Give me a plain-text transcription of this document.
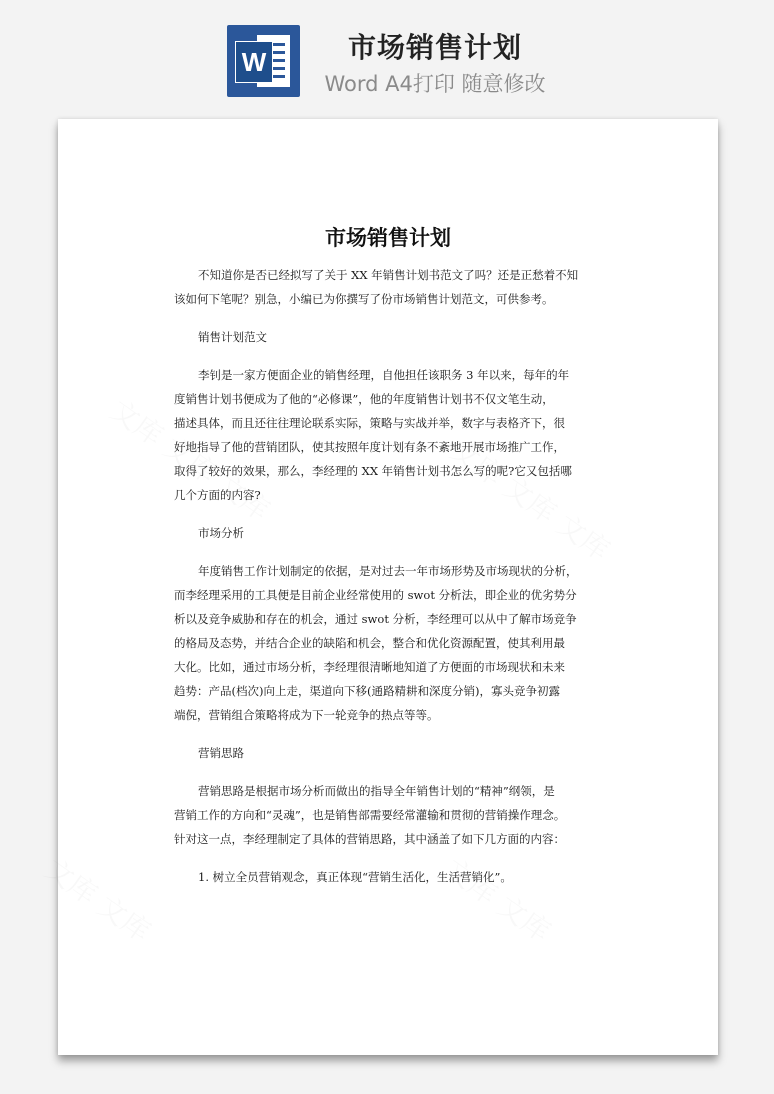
W	市场销售计划
Word A4打印 随意修改
市场销售计划
不知道你是否已经拟写了关于 XX 年销售计划书范文了吗？还是正愁着不知
该如何下笔呢？别急，小编已为你撰写了份市场销售计划范文，可供参考。
销售计划范文
李钊是一家方便面企业的销售经理，自他担任该职务 3 年以来，每年的年
度销售计划书便成为了他的“必修课”，他的年度销售计划书不仅文笔生动，
描述具体，而且还往往理论联系实际，策略与实战并举，数字与表格齐下，很
好地指导了他的营销团队，使其按照年度计划有条不紊地开展市场推广工作，
取得了较好的效果，那么，李经理的 XX 年销售计划书怎么写的呢?它又包括哪
几个方面的内容?
市场分析
年度销售工作计划制定的依据，是对过去一年市场形势及市场现状的分析，
而李经理采用的工具便是目前企业经常使用的 swot 分析法，即企业的优劣势分
析以及竞争威胁和存在的机会，通过 swot 分析，李经理可以从中了解市场竞争
的格局及态势，并结合企业的缺陷和机会，整合和优化资源配置，使其利用最
大化。比如，通过市场分析，李经理很清晰地知道了方便面的市场现状和未来
趋势：产品(档次)向上走，渠道向下移(通路精耕和深度分销)，寡头竞争初露
端倪，营销组合策略将成为下一轮竞争的热点等等。
营销思路
营销思路是根据市场分析而做出的指导全年销售计划的“精神”纲领，是
营销工作的方向和“灵魂”，也是销售部需要经常灌输和贯彻的营销操作理念。
针对这一点，李经理制定了具体的营销思路，其中涵盖了如下几方面的内容：
1. 树立全员营销观念，真正体现“营销生活化，生活营销化”。
